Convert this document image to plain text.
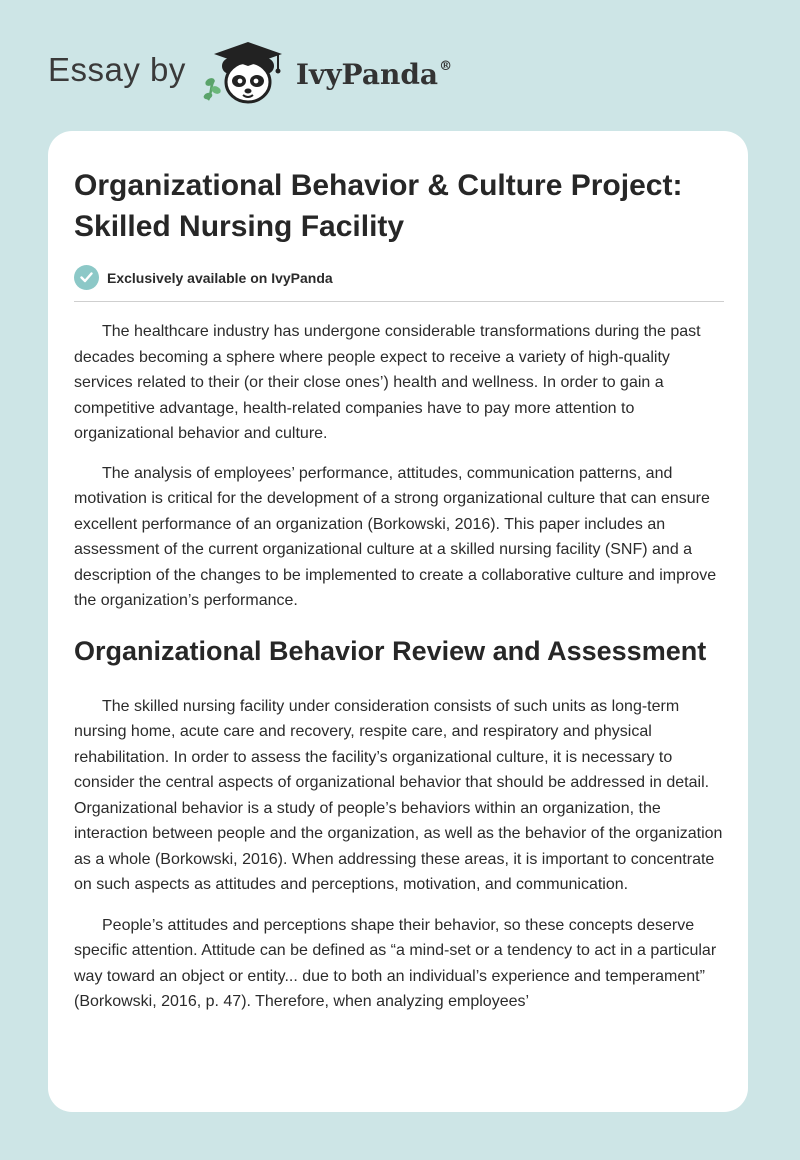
Essay by	IvyPanda®
Organizational Behavior & Culture Project: Skilled Nursing Facility
Exclusively available on IvyPanda

The healthcare industry has undergone considerable transformations during the past decades becoming a sphere where people expect to receive a variety of high-quality services related to their (or their close ones’) health and wellness. In order to gain a competitive advantage, health-related companies have to pay more attention to organizational behavior and culture.

The analysis of employees’ performance, attitudes, communication patterns, and motivation is critical for the development of a strong organizational culture that can ensure excellent performance of an organization (Borkowski, 2016). This paper includes an assessment of the current organizational culture at a skilled nursing facility (SNF) and a description of the changes to be implemented to create a collaborative culture and improve the organization’s performance.

Organizational Behavior Review and Assessment

The skilled nursing facility under consideration consists of such units as long-term nursing home, acute care and recovery, respite care, and respiratory and physical rehabilitation. In order to assess the facility’s organizational culture, it is necessary to consider the central aspects of organizational behavior that should be addressed in detail. Organizational behavior is a study of people’s behaviors within an organization, the interaction between people and the organization, as well as the behavior of the organization as a whole (Borkowski, 2016). When addressing these areas, it is important to concentrate on such aspects as attitudes and perceptions, motivation, and communication.

People’s attitudes and perceptions shape their behavior, so these concepts deserve specific attention. Attitude can be defined as “a mind-set or a tendency to act in a particular way toward an object or entity... due to both an individual’s experience and temperament” (Borkowski, 2016, p. 47). Therefore, when analyzing employees’
